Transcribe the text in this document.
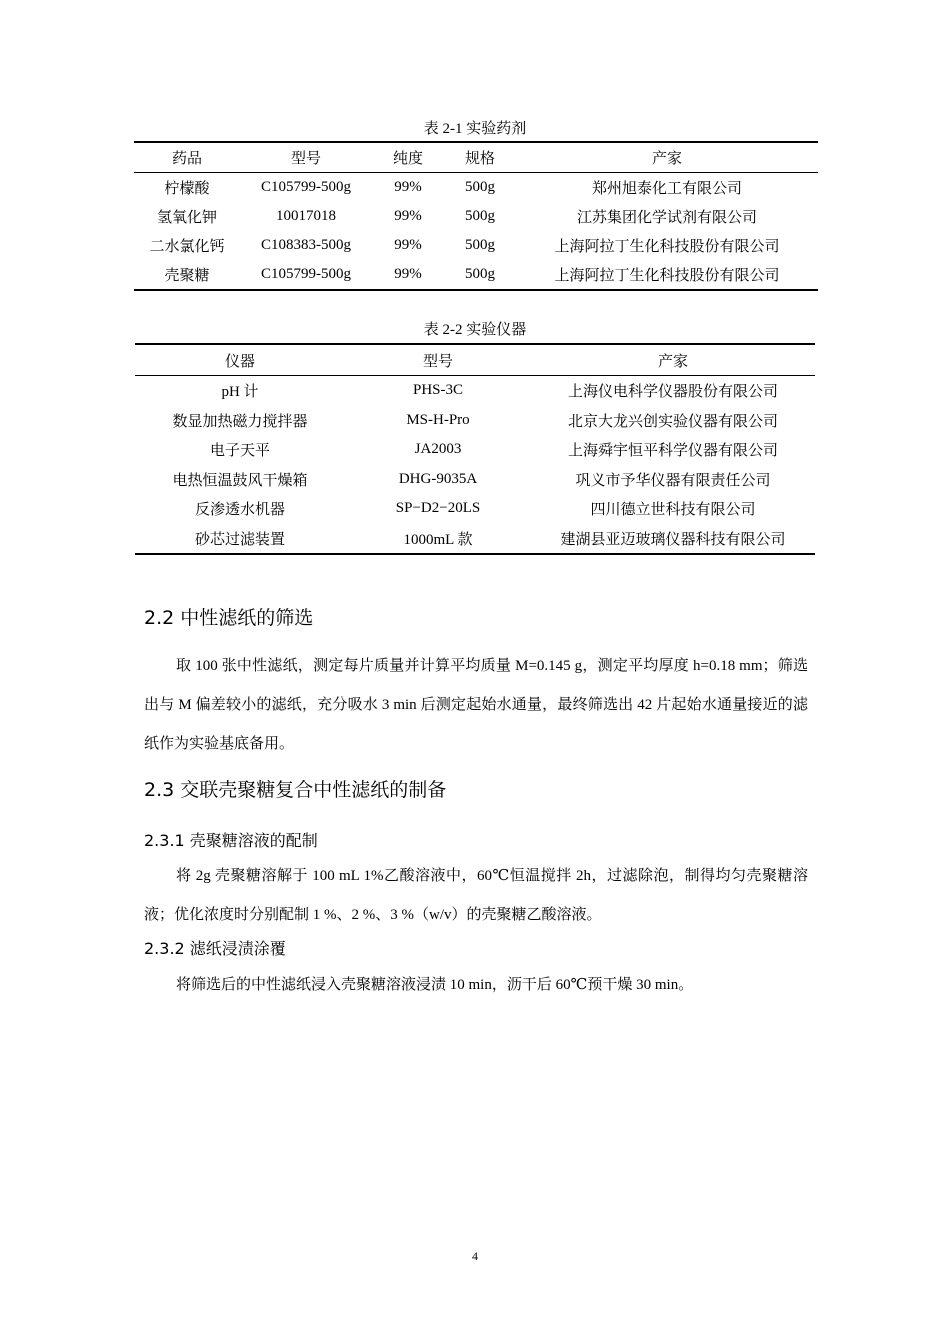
表 2-1 实验药剂
药品	型号	纯度	规格	产家
柠檬酸	C105799-500g	99%	500g	郑州旭泰化工有限公司
氢氧化钾	10017018	99%	500g	江苏集团化学试剂有限公司
二水氯化钙	C108383-500g	99%	500g	上海阿拉丁生化科技股份有限公司
壳聚糖	C105799-500g	99%	500g	上海阿拉丁生化科技股份有限公司
表 2-2 实验仪器
仪器	型号	产家
pH 计	PHS-3C	上海仪电科学仪器股份有限公司
数显加热磁力搅拌器	MS-H-Pro	北京大龙兴创实验仪器有限公司
电子天平	JA2003	上海舜宇恒平科学仪器有限公司
电热恒温鼓风干燥箱	DHG-9035A	巩义市予华仪器有限责任公司
反渗透水机器	SP−D2−20LS	四川德立世科技有限公司
砂芯过滤装置	1000mL 款	建湖县亚迈玻璃仪器科技有限公司
2.2 中性滤纸的筛选

取 100 张中性滤纸，测定每片质量并计算平均质量 M=0.145 g，测定平均厚度 h=0.18 mm；筛选出与 M 偏差较小的滤纸，充分吸水 3 min 后测定起始水通量，最终筛选出 42 片起始水通量接近的滤纸作为实验基底备用。

2.3 交联壳聚糖复合中性滤纸的制备
2.3.1 壳聚糖溶液的配制

将 2g 壳聚糖溶解于 100 mL 1%乙酸溶液中，60℃恒温搅拌 2h，过滤除泡，制得均匀壳聚糖溶液；优化浓度时分别配制 1 %、2 %、3 %（w/v）的壳聚糖乙酸溶液。

2.3.2 滤纸浸渍涂覆

将筛选后的中性滤纸浸入壳聚糖溶液浸渍 10 min，沥干后 60℃预干燥 30 min。

4
